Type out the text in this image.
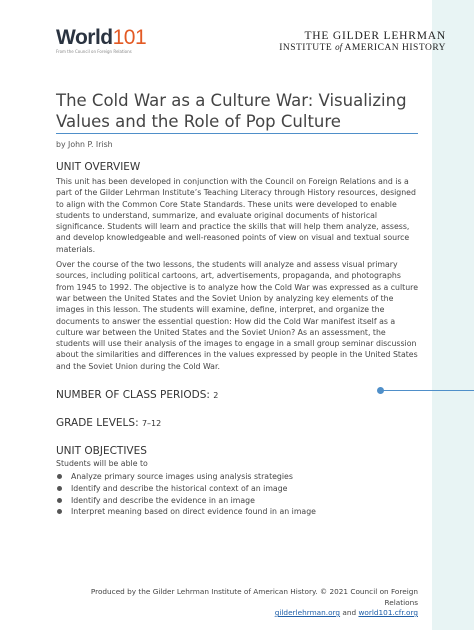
World101
From the Council on Foreign Relations
THE GILDER LEHRMAN
INSTITUTE of AMERICAN HISTORY
The Cold War as a Culture War: Visualizing Values and the Role of Pop Culture
by John P. Irish
UNIT OVERVIEW

This unit has been developed in conjunction with the Council on Foreign Relations and is a part of the Gilder Lehrman Institute’s Teaching Literacy through History resources, designed to align with the Common Core State Standards. These units were developed to enable students to understand, summarize, and evaluate original documents of historical significance. Students will learn and practice the skills that will help them analyze, assess, and develop knowledgeable and well-reasoned points of view on visual and textual source materials.

Over the course of the two lessons, the students will analyze and assess visual primary sources, including political cartoons, art, advertisements, propaganda, and photographs from 1945 to 1992. The objective is to analyze how the Cold War was expressed as a culture war between the United States and the Soviet Union by analyzing key elements of the images in this lesson. The students will examine, define, interpret, and organize the documents to answer the essential question: How did the Cold War manifest itself as a culture war between the United States and the Soviet Union? As an assessment, the students will use their analysis of the images to engage in a small group seminar discussion about the similarities and differences in the values expressed by people in the United States and the Soviet Union during the Cold War.

NUMBER OF CLASS PERIODS: 2
GRADE LEVELS: 7–12
UNIT OBJECTIVES

Students will be able to

Analyze primary source images using analysis strategies
Identify and describe the historical context of an image
Identify and describe the evidence in an image
Interpret meaning based on direct evidence found in an image
Produced by the Gilder Lehrman Institute of American History. © 2021 Council on Foreign Relations
gilderlehrman.org and world101.cfr.org
